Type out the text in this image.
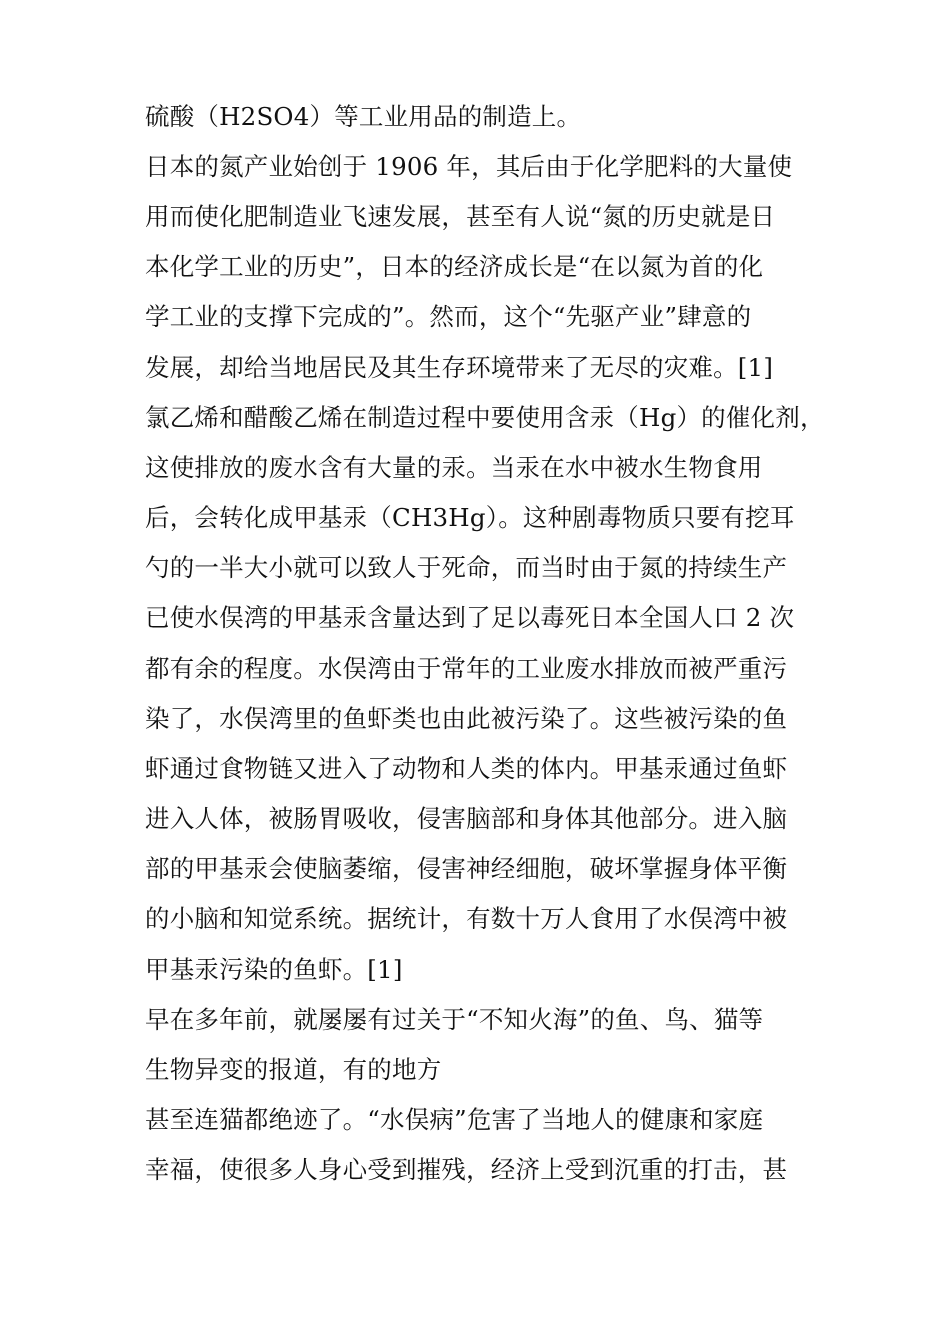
硫酸（H2SO4）等工业用品的制造上。
日本的氮产业始创于 1906 年，其后由于化学肥料的大量使
用而使化肥制造业飞速发展，甚至有人说“氮的历史就是日
本化学工业的历史”，日本的经济成长是“在以氮为首的化
学工业的支撑下完成的”。然而，这个“先驱产业”肆意的
发展，却给当地居民及其生存环境带来了无尽的灾难。[1]
氯乙烯和醋酸乙烯在制造过程中要使用含汞（Hg）的催化剂，
这使排放的废水含有大量的汞。当汞在水中被水生物食用
后，会转化成甲基汞（CH3Hg）。这种剧毒物质只要有挖耳
勺的一半大小就可以致人于死命，而当时由于氮的持续生产
已使水俣湾的甲基汞含量达到了足以毒死日本全国人口 2 次
都有余的程度。水俣湾由于常年的工业废水排放而被严重污
染了，水俣湾里的鱼虾类也由此被污染了。这些被污染的鱼
虾通过食物链又进入了动物和人类的体内。甲基汞通过鱼虾
进入人体，被肠胃吸收，侵害脑部和身体其他部分。进入脑
部的甲基汞会使脑萎缩，侵害神经细胞，破坏掌握身体平衡
的小脑和知觉系统。据统计，有数十万人食用了水俣湾中被
甲基汞污染的鱼虾。[1]
早在多年前，就屡屡有过关于“不知火海”的鱼、鸟、猫等
生物异变的报道，有的地方
甚至连猫都绝迹了。“水俣病”危害了当地人的健康和家庭
幸福，使很多人身心受到摧残，经济上受到沉重的打击，甚
